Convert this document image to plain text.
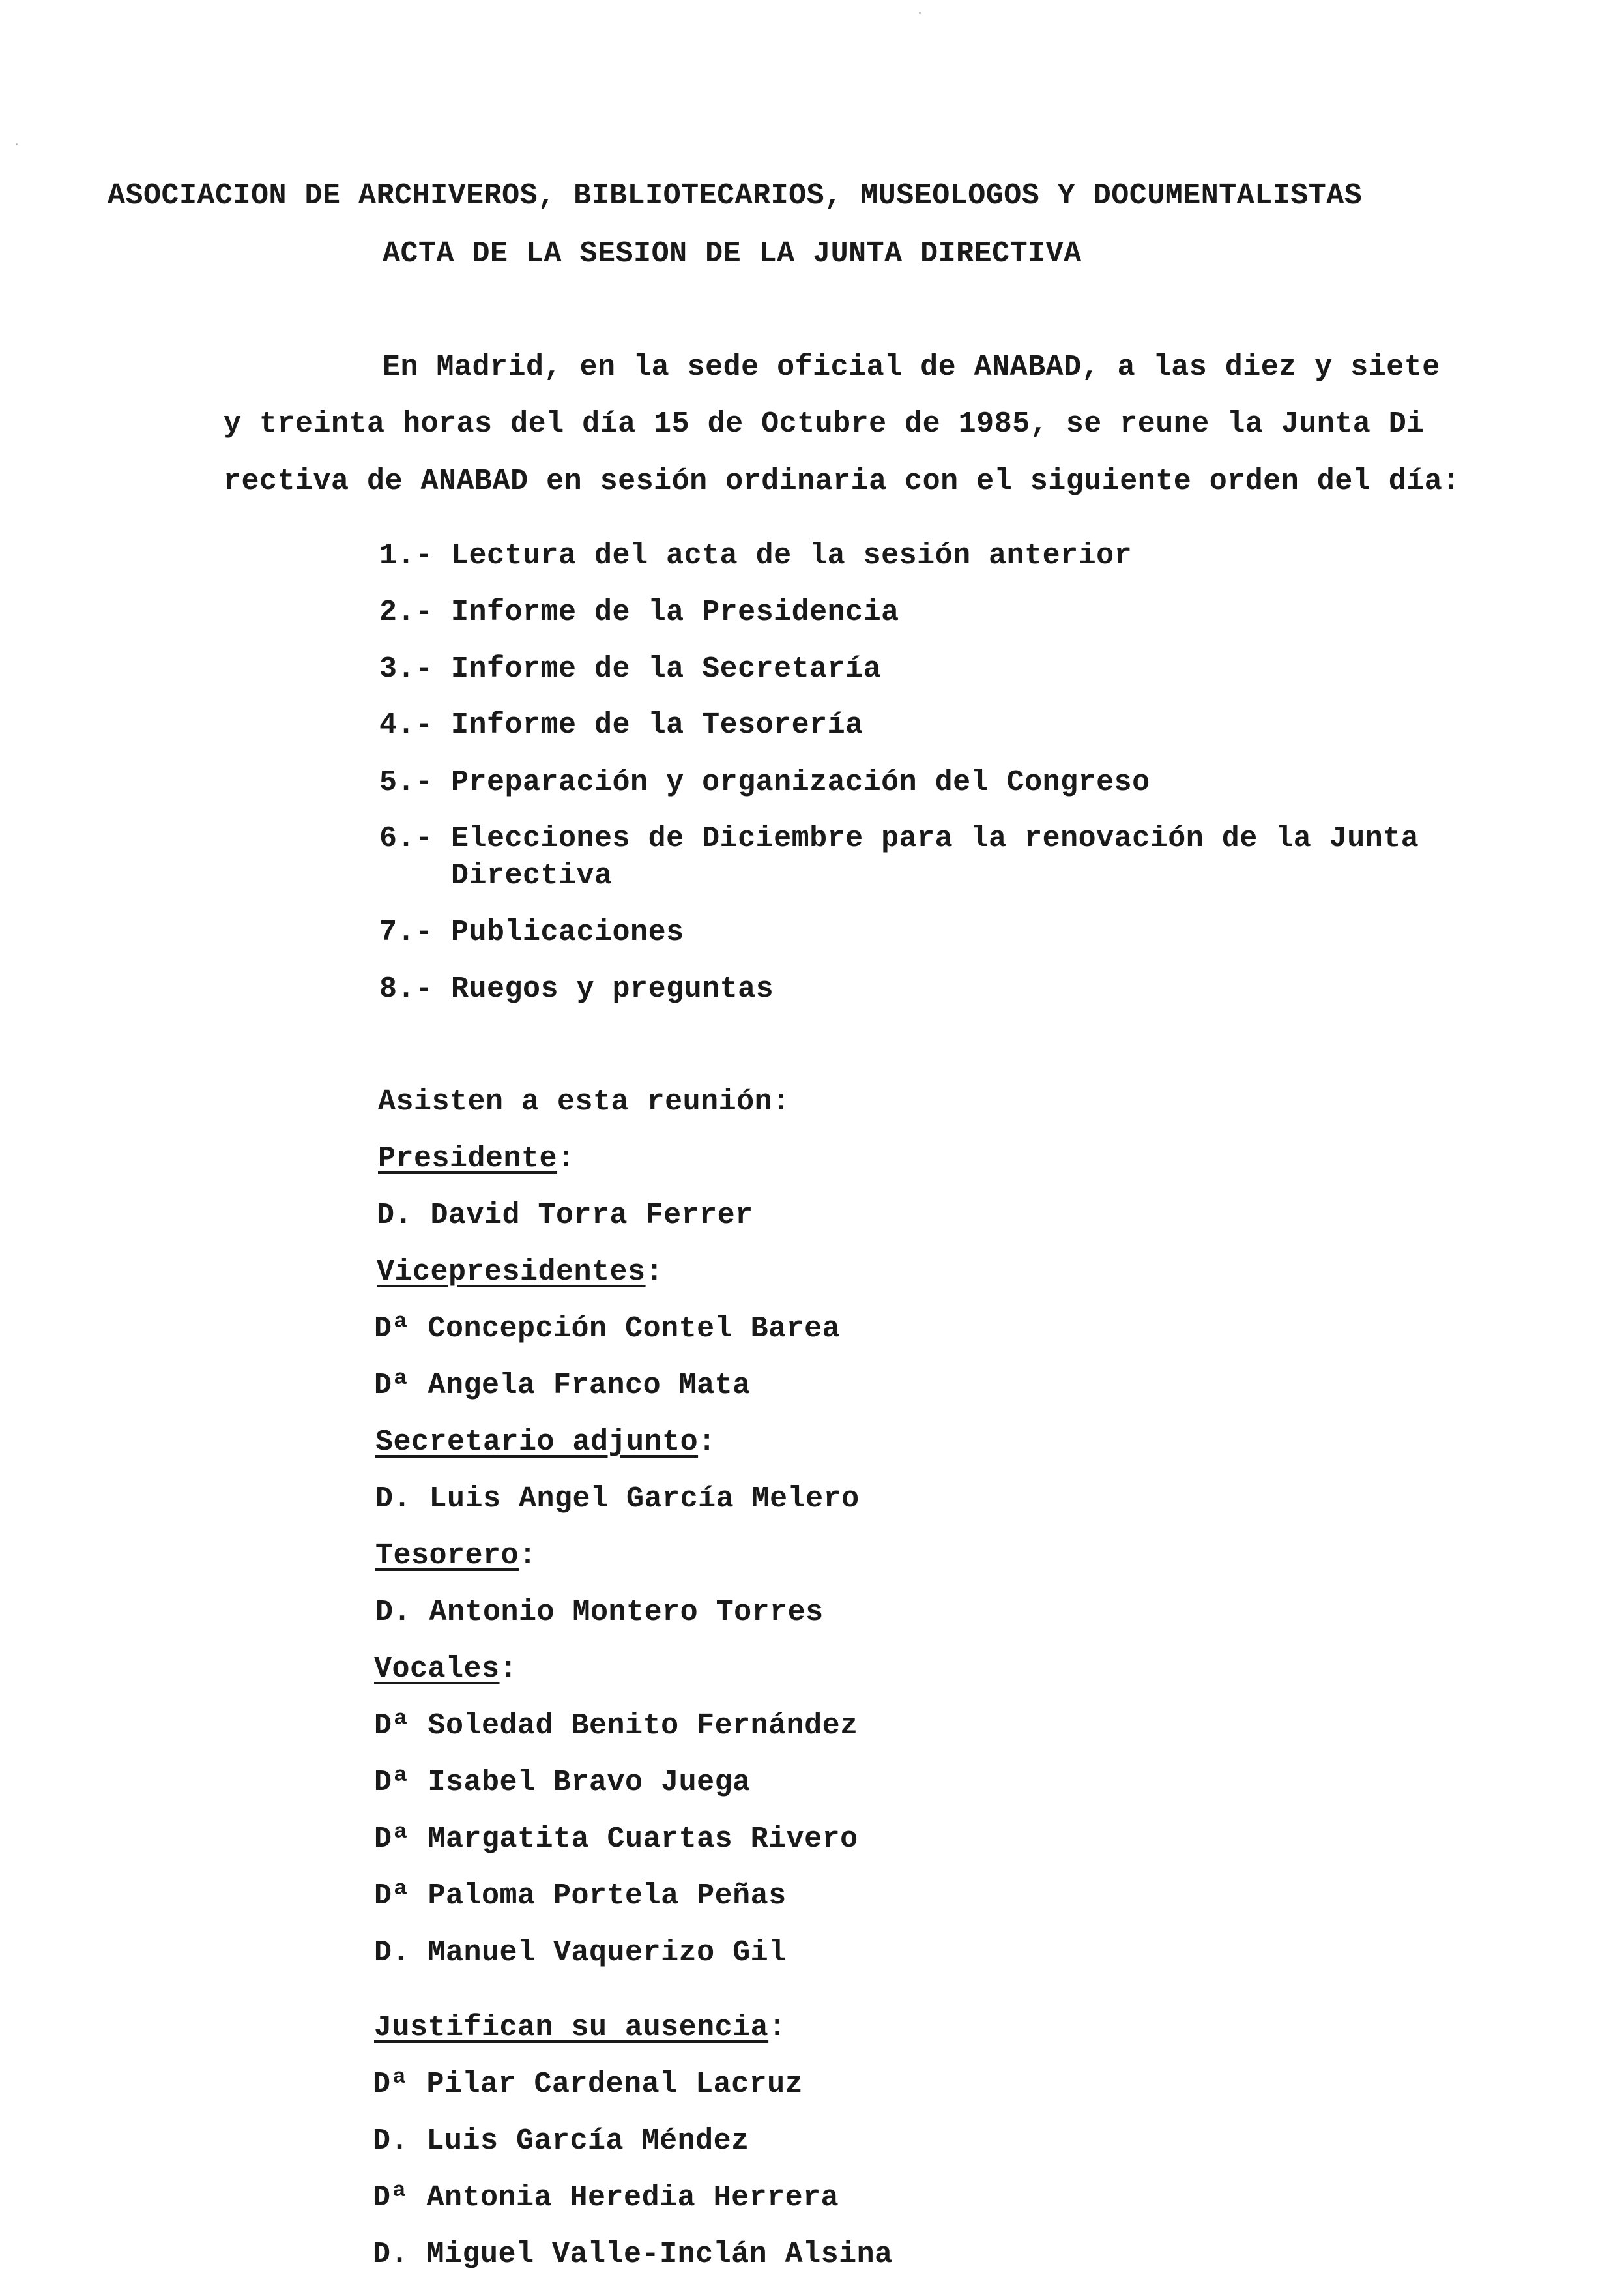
ASOCIACION DE ARCHIVEROS, BIBLIOTECARIOS, MUSEOLOGOS Y DOCUMENTALISTAS
ACTA DE LA SESION DE LA JUNTA DIRECTIVA
En Madrid, en la sede oficial de ANABAD, a las diez y siete
y treinta horas del día 15 de Octubre de 1985, se reune la Junta Di
rectiva de ANABAD en sesión ordinaria con el siguiente orden del día:
1.- Lectura del acta de la sesión anterior
2.- Informe de la Presidencia
3.- Informe de la Secretaría
4.- Informe de la Tesorería
5.- Preparación y organización del Congreso
6.- Elecciones de Diciembre para la renovación de la Junta
Directiva
7.- Publicaciones
8.- Ruegos y preguntas
Asisten a esta reunión:
Presidente:
D. David Torra Ferrer
Vicepresidentes:
Dª Concepción Contel Barea
Dª Angela Franco Mata
Secretario adjunto:
D. Luis Angel García Melero
Tesorero:
D. Antonio Montero Torres
Vocales:
Dª Soledad Benito Fernández
Dª Isabel Bravo Juega
Dª Margatita Cuartas Rivero
Dª Paloma Portela Peñas
D. Manuel Vaquerizo Gil
Justifican su ausencia:
Dª Pilar Cardenal Lacruz
D. Luis García Méndez
Dª Antonia Heredia Herrera
D. Miguel Valle-Inclán Alsina
